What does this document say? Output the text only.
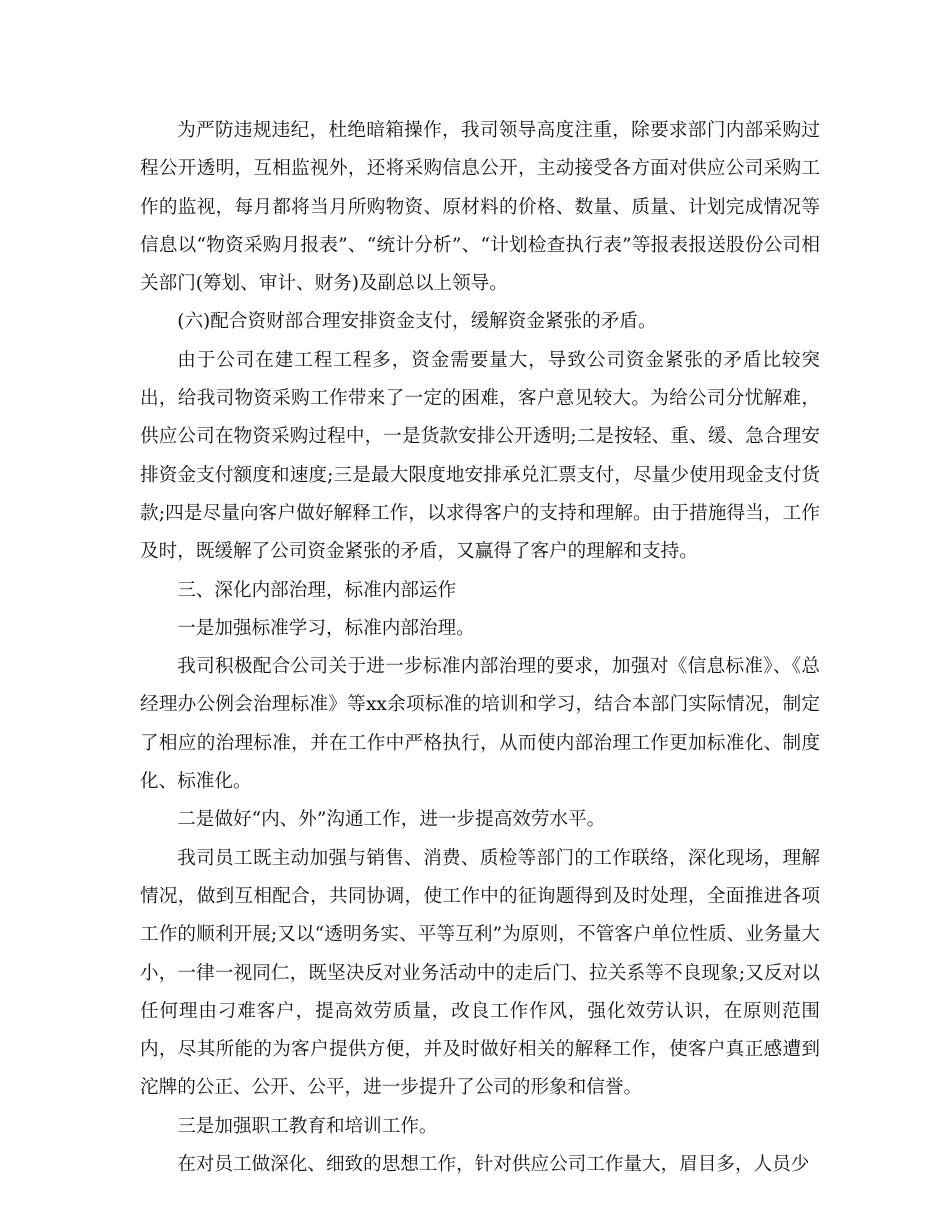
为严防违规违纪，杜绝暗箱操作，我司领导高度注重，除要求部门内部采购过程公开透明，互相监视外，还将采购信息公开，主动接受各方面对供应公司采购工作的监视，每月都将当月所购物资、原材料的价格、数量、质量、计划完成情况等信息以“物资采购月报表”、“统计分析”、“计划检查执行表”等报表报送股份公司相关部门(筹划、审计、财务)及副总以上领导。

(六)配合资财部合理安排资金支付，缓解资金紧张的矛盾。

由于公司在建工程工程多，资金需要量大，导致公司资金紧张的矛盾比较突出，给我司物资采购工作带来了一定的困难，客户意见较大。为给公司分忧解难，供应公司在物资采购过程中，一是货款安排公开透明;二是按轻、重、缓、急合理安排资金支付额度和速度;三是最大限度地安排承兑汇票支付，尽量少使用现金支付货款;四是尽量向客户做好解释工作，以求得客户的支持和理解。由于措施得当，工作及时，既缓解了公司资金紧张的矛盾，又赢得了客户的理解和支持。

三、深化内部治理，标准内部运作

一是加强标准学习，标准内部治理。

我司积极配合公司关于进一步标准内部治理的要求，加强对《信息标准》、《总经理办公例会治理标准》等xx余项标准的培训和学习，结合本部门实际情况，制定了相应的治理标准，并在工作中严格执行，从而使内部治理工作更加标准化、制度化、标准化。

二是做好“内、外”沟通工作，进一步提高效劳水平。

我司员工既主动加强与销售、消费、质检等部门的工作联络，深化现场，理解情况，做到互相配合，共同协调，使工作中的征询题得到及时处理，全面推进各项工作的顺利开展;又以“透明务实、平等互利”为原则，不管客户单位性质、业务量大小，一律一视同仁，既坚决反对业务活动中的走后门、拉关系等不良现象;又反对以任何理由刁难客户，提高效劳质量，改良工作作风，强化效劳认识，在原则范围内，尽其所能的为客户提供方便，并及时做好相关的解释工作，使客户真正感遭到沱牌的公正、公开、公平，进一步提升了公司的形象和信誉。

三是加强职工教育和培训工作。

在对员工做深化、细致的思想工作，针对供应公司工作量大，眉目多，人员少
